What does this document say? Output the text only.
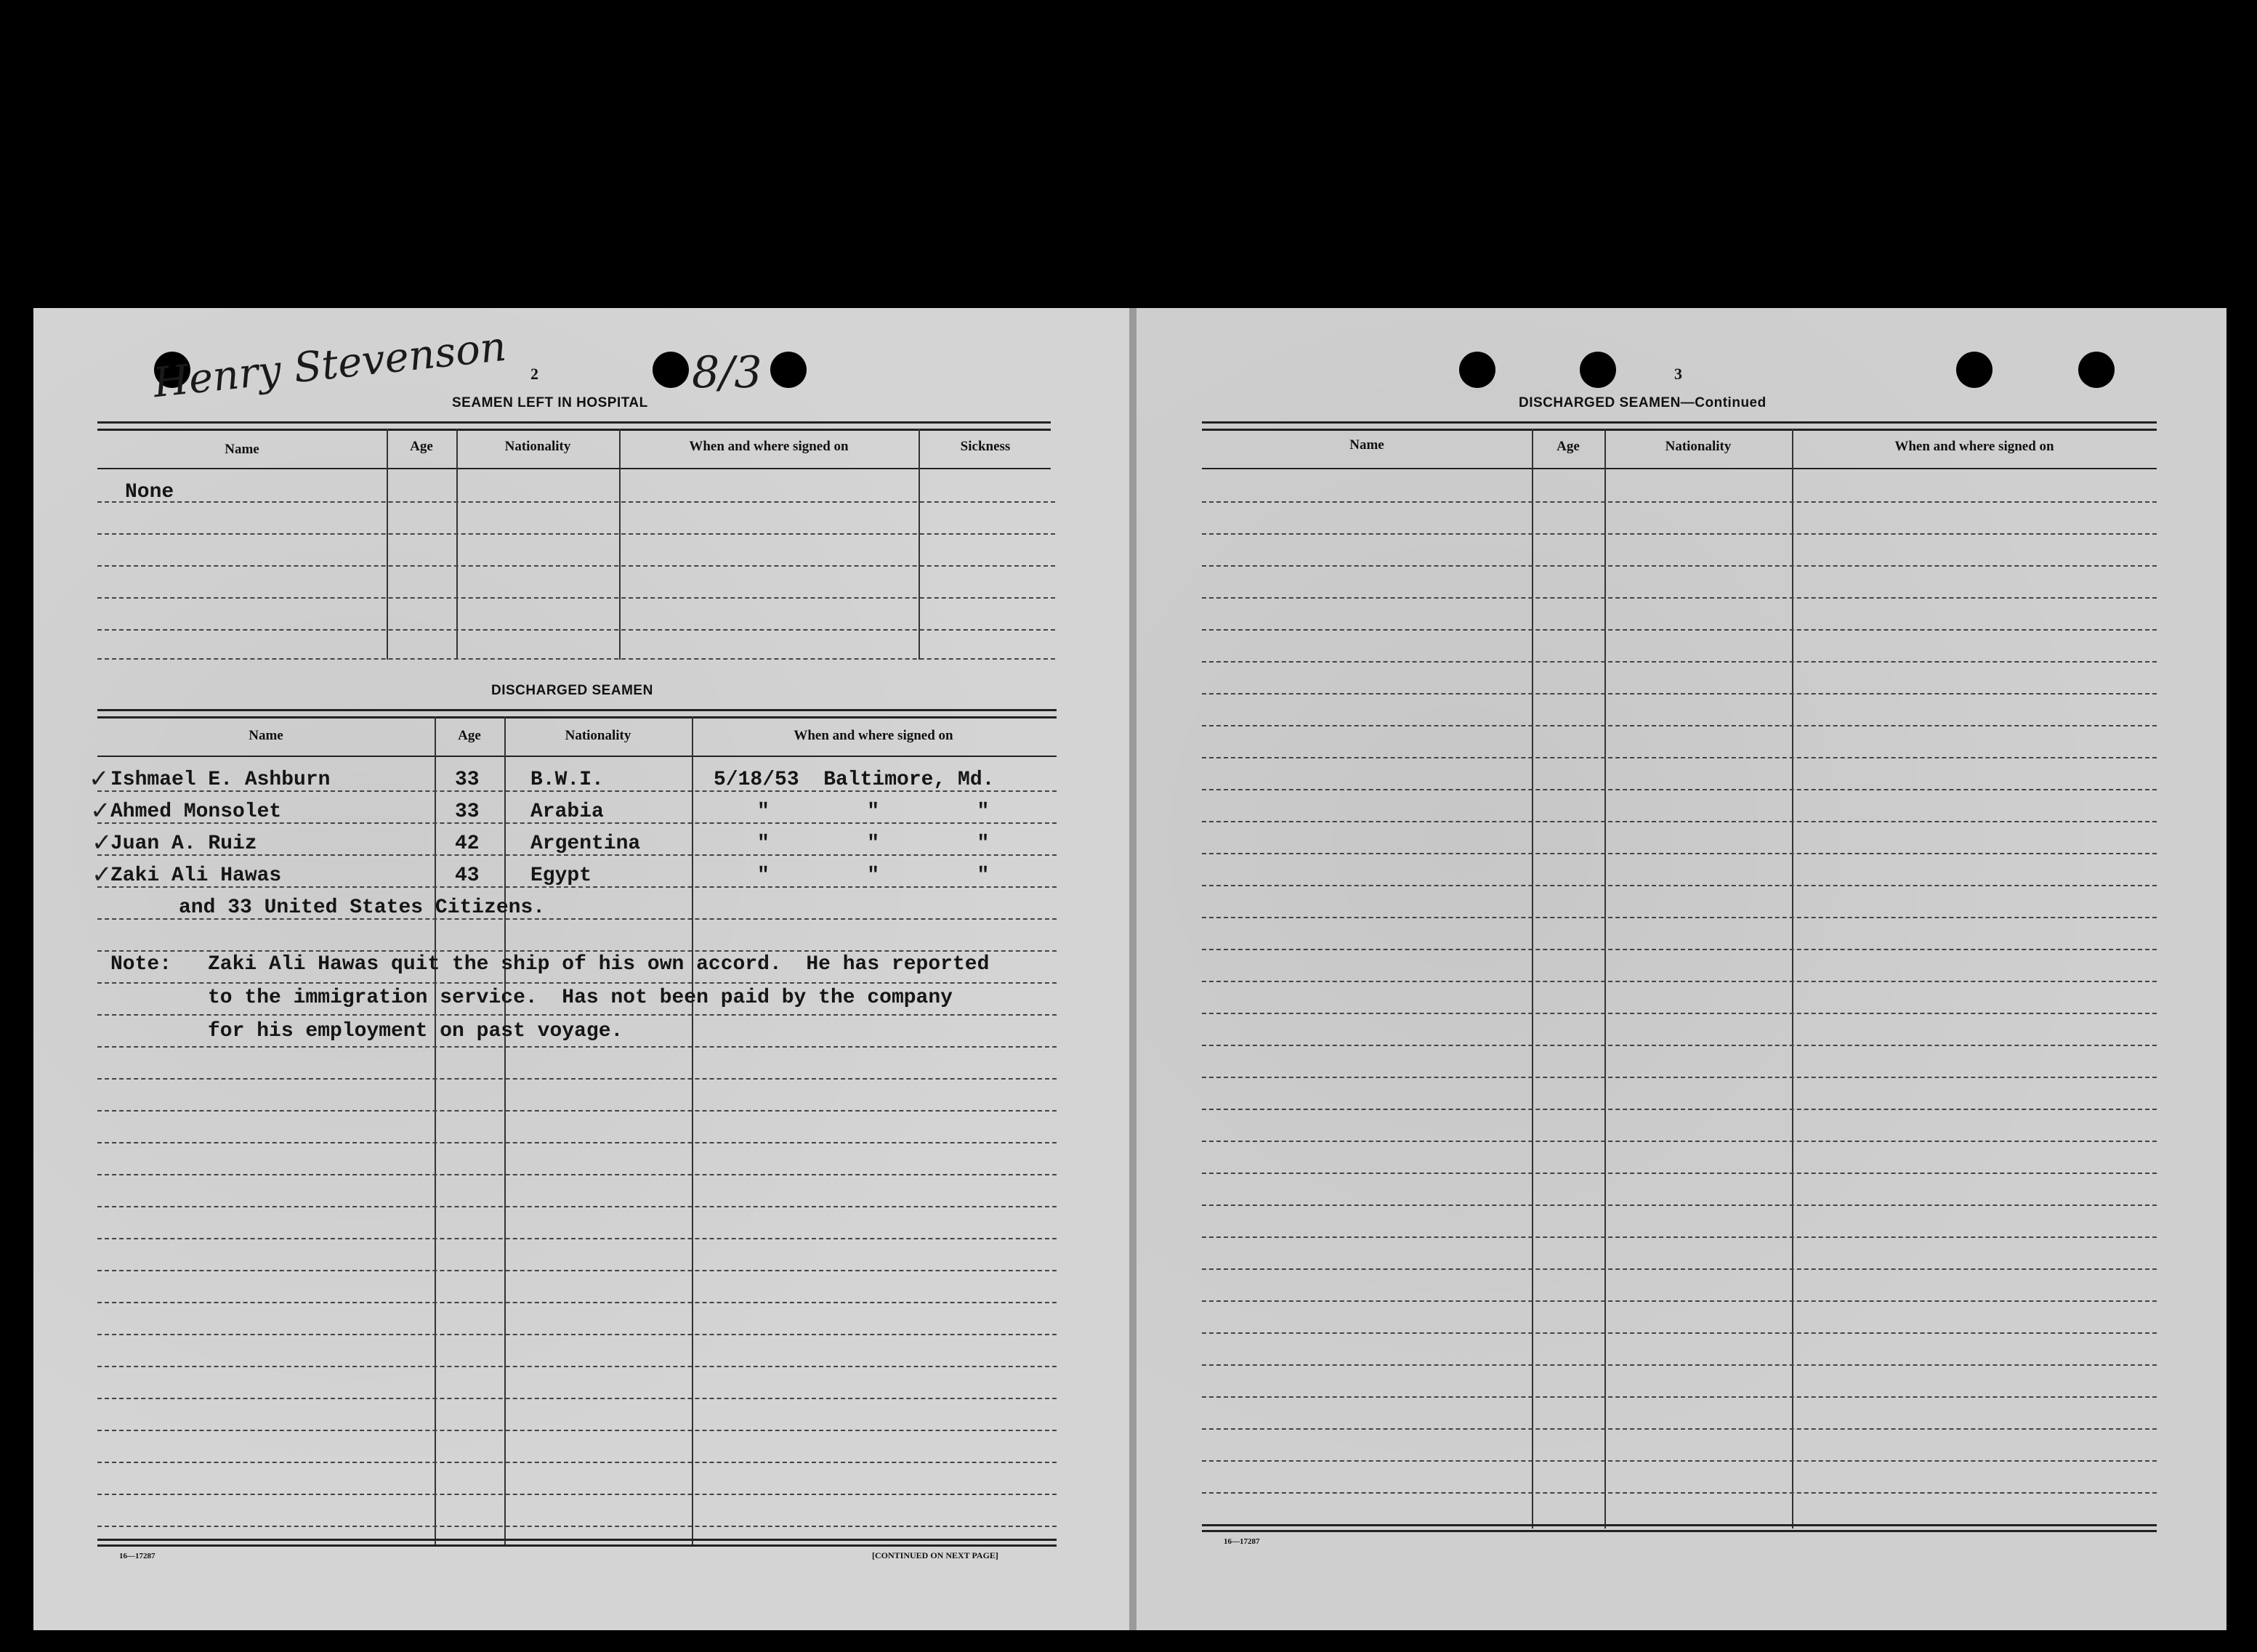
Henry Stevenson	8/3
2
SEAMEN LEFT IN HOSPITAL
Name	Age	Nationality	When and where signed on	Sickness
None
DISCHARGED SEAMEN
Name	Age	Nationality	When and where signed on
✓
✓
✓
✓
Ishmael E. Ashburn	33	B.W.I.	5/18/53  Baltimore, Md.
Ahmed Monsolet	33	Arabia	"        "        "
Juan A. Ruiz	42	Argentina	"        "        "
Zaki Ali Hawas	43	Egypt	"        "        "
and 33 United States Citizens.
Note: Zaki Ali Hawas quit the ship of his own accord.  He has reported
to the immigration service.  Has not been paid by the company
for his employment on past voyage.
16—17287	[CONTINUED ON NEXT PAGE]
3
DISCHARGED SEAMEN—Continued
Name	Age	Nationality	When and where signed on
16—17287
